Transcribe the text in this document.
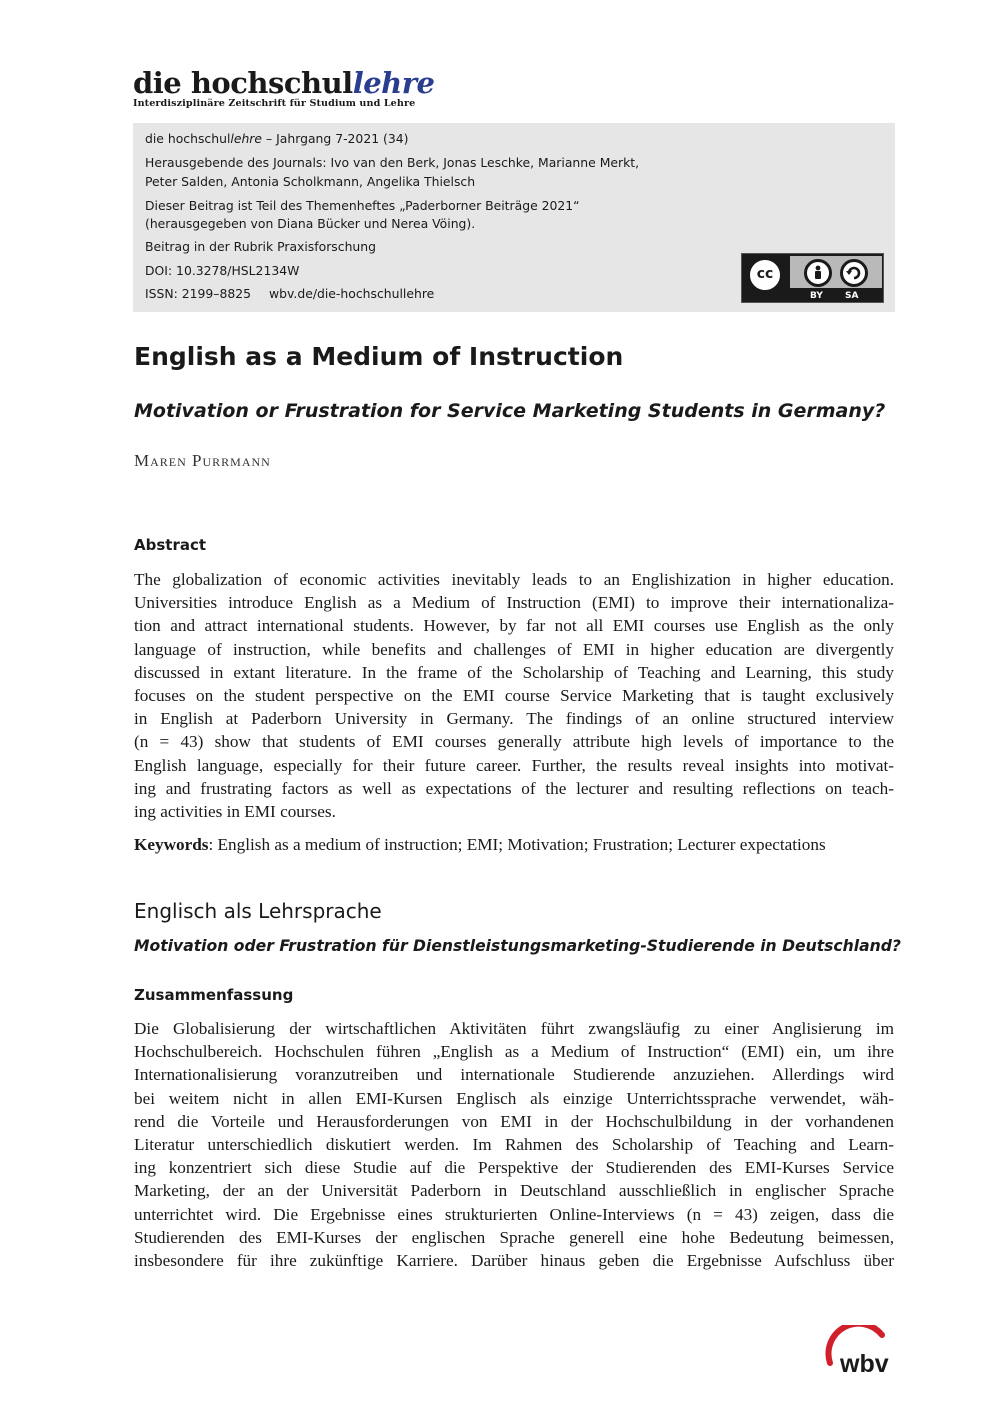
die hochschullehre
Interdisziplinäre Zeitschrift für Studium und Lehre
die hochschullehre – Jahrgang 7-2021 (34)
Herausgebende des Journals: Ivo van den Berk, Jonas Leschke, Marianne Merkt,
Peter Salden, Antonia Scholkmann, Angelika Thielsch
Dieser Beitrag ist Teil des Themenheftes „Paderborner Beiträge 2021“
(herausgegeben von Diana Bücker und Nerea Vöing).
Beitrag in der Rubrik Praxisforschung
DOI: 10.3278/HSL2134W
ISSN: 2199–8825 wbv.de/die-hochschullehre
cc
BY SA
English as a Medium of Instruction
Motivation or Frustration for Service Marketing Students in Germany?
Maren Purrmann
Abstract
The globalization of economic activities inevitably leads to an Englishization in higher education.
Universities introduce English as a Medium of Instruction (EMI) to improve their internationaliza-
tion and attract international students. However, by far not all EMI courses use English as the only
language of instruction, while benefits and challenges of EMI in higher education are divergently
discussed in extant literature. In the frame of the Scholarship of Teaching and Learning, this study
focuses on the student perspective on the EMI course Service Marketing that is taught exclusively
in English at Paderborn University in Germany. The findings of an online structured interview
(n = 43) show that students of EMI courses generally attribute high levels of importance to the
English language, especially for their future career. Further, the results reveal insights into motivat-
ing and frustrating factors as well as expectations of the lecturer and resulting reflections on teach-
ing activities in EMI courses.
Keywords: English as a medium of instruction; EMI; Motivation; Frustration; Lecturer expectations
Englisch als Lehrsprache
Motivation oder Frustration für Dienstleistungsmarketing-Studierende in Deutschland?
Zusammenfassung
Die Globalisierung der wirtschaftlichen Aktivitäten führt zwangsläufig zu einer Anglisierung im
Hochschulbereich. Hochschulen führen „English as a Medium of Instruction“ (EMI) ein, um ihre
Internationalisierung voranzutreiben und internationale Studierende anzuziehen. Allerdings wird
bei weitem nicht in allen EMI-Kursen Englisch als einzige Unterrichtssprache verwendet, wäh-
rend die Vorteile und Herausforderungen von EMI in der Hochschulbildung in der vorhandenen
Literatur unterschiedlich diskutiert werden. Im Rahmen des Scholarship of Teaching and Learn-
ing konzentriert sich diese Studie auf die Perspektive der Studierenden des EMI-Kurses Service
Marketing, der an der Universität Paderborn in Deutschland ausschließlich in englischer Sprache
unterrichtet wird. Die Ergebnisse eines strukturierten Online-Interviews (n = 43) zeigen, dass die
Studierenden des EMI-Kurses der englischen Sprache generell eine hohe Bedeutung beimessen,
insbesondere für ihre zukünftige Karriere. Darüber hinaus geben die Ergebnisse Aufschluss über
wbv
